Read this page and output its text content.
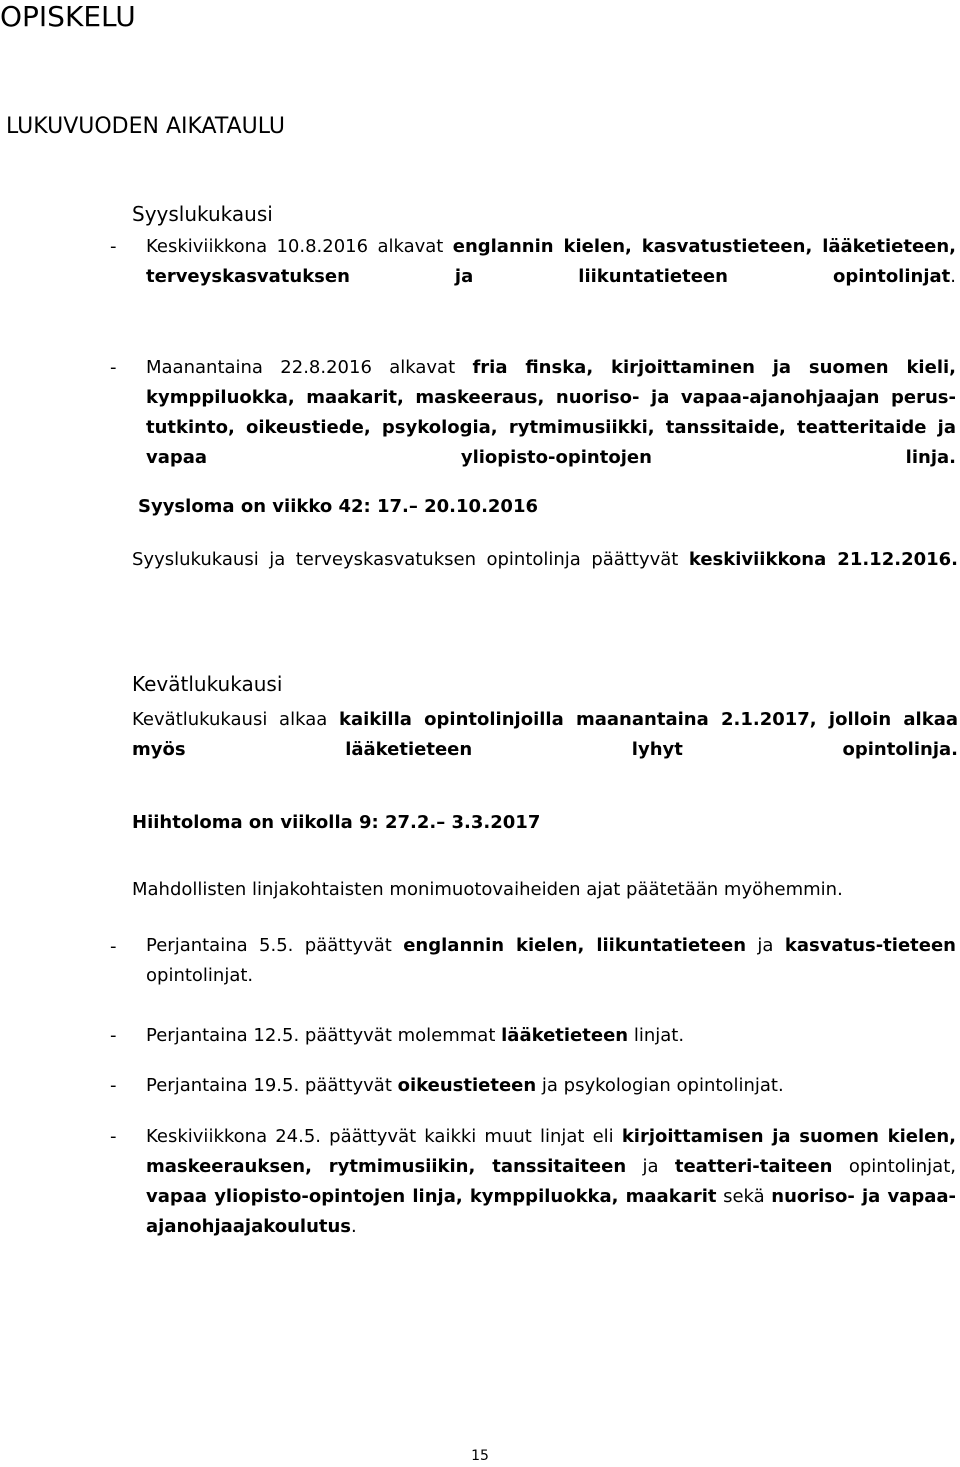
OPISKELU
LUKUVUODEN AIKATAULU
Syyslukukausi
- Keskiviikkona 10.8.2016 alkavat englannin kielen, kasvatustieteen, lääketieteen, terveyskasvatuksen ja liikuntatieteen opintolinjat.
- Maanantaina 22.8.2016 alkavat fria finska, kirjoittaminen ja suomen kieli, kymppiluokka, maakarit, maskeeraus, nuoriso- ja vapaa-ajanohjaajan perus-tutkinto, oikeustiede, psykologia, rytmimusiikki, tanssitaide, teatteritaide ja vapaa yliopisto-opintojen linja.
Syysloma on viikko 42: 17.– 20.10.2016
Syyslukukausi ja terveyskasvatuksen opintolinja päättyvät keskiviikkona 21.12.2016.
Kevätlukukausi
Kevätlukukausi alkaa kaikilla opintolinjoilla maanantaina 2.1.2017, jolloin alkaa myös lääketieteen lyhyt opintolinja.
Hiihtoloma on viikolla 9: 27.2.– 3.3.2017
Mahdollisten linjakohtaisten monimuotovaiheiden ajat päätetään myöhemmin.
- Perjantaina 5.5. päättyvät englannin kielen, liikuntatieteen ja kasvatus-tieteen opintolinjat.
- Perjantaina 12.5. päättyvät molemmat lääketieteen linjat.
- Perjantaina 19.5. päättyvät oikeustieteen ja psykologian opintolinjat.
- Keskiviikkona 24.5. päättyvät kaikki muut linjat eli kirjoittamisen ja suomen kielen, maskeerauksen, rytmimusiikin, tanssitaiteen ja teatteri-taiteen opintolinjat, vapaa yliopisto-opintojen linja, kymppiluokka, maakarit sekä nuoriso- ja vapaa-ajanohjaajakoulutus.
15
